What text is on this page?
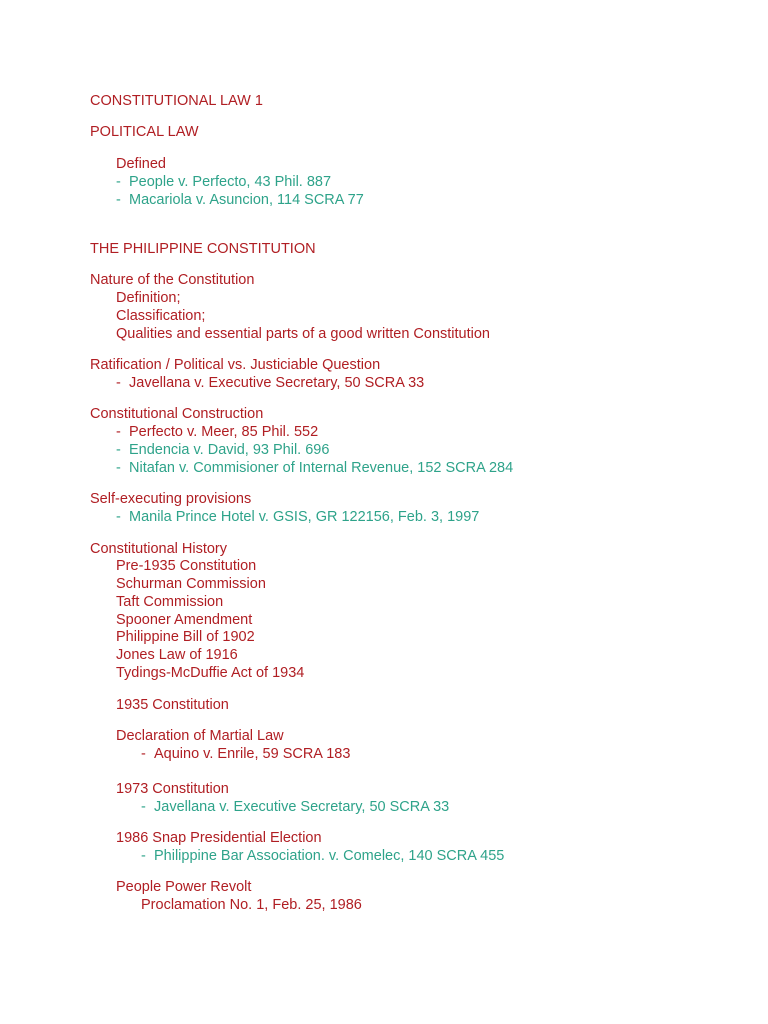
CONSTITUTIONAL LAW 1
POLITICAL LAW
Defined
- People v. Perfecto, 43 Phil. 887
- Macariola v. Asuncion, 114 SCRA 77
THE PHILIPPINE CONSTITUTION
Nature of the Constitution
Definition;
Classification;
Qualities and essential parts of a good written Constitution
Ratification / Political vs. Justiciable Question
- Javellana v. Executive Secretary, 50 SCRA 33
Constitutional Construction
- Perfecto v. Meer, 85 Phil. 552
- Endencia v. David, 93 Phil. 696
- Nitafan v. Commisioner of Internal Revenue, 152 SCRA 284
Self-executing provisions
- Manila Prince Hotel v. GSIS, GR 122156, Feb. 3, 1997
Constitutional History
Pre-1935 Constitution
Schurman Commission
Taft Commission
Spooner Amendment
Philippine Bill of 1902
Jones Law of 1916
Tydings-McDuffie Act of 1934
1935 Constitution
Declaration of Martial Law
- Aquino v. Enrile, 59 SCRA 183
1973 Constitution
- Javellana v. Executive Secretary, 50 SCRA 33
1986 Snap Presidential Election
- Philippine Bar Association. v. Comelec, 140 SCRA 455
People Power Revolt
Proclamation No. 1, Feb. 25, 1986
